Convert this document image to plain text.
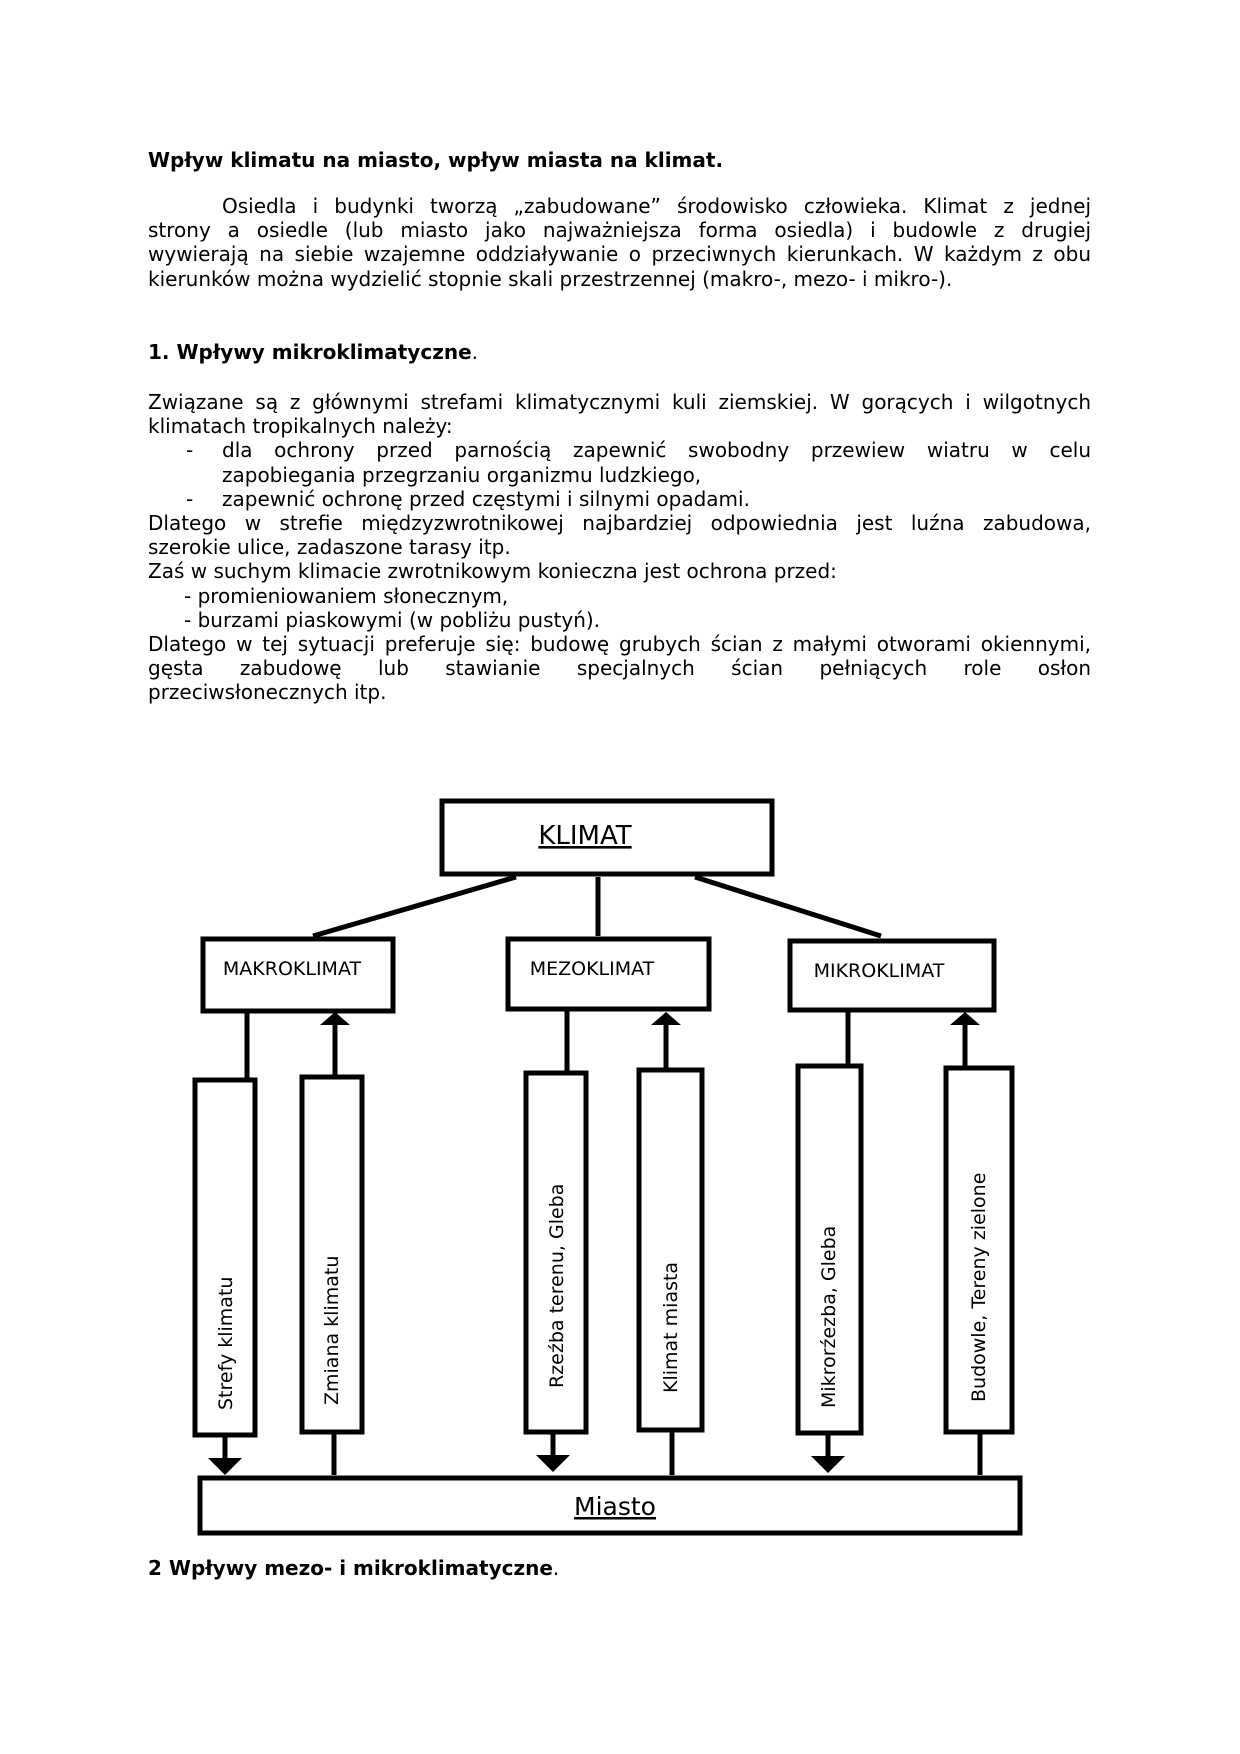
Wpływ klimatu na miasto, wpływ miasta na klimat.
Osiedla i budynki tworzą „zabudowane” środowisko człowieka. Klimat z jednej
strony a osiedle (lub miasto jako najważniejsza forma osiedla) i budowle z drugiej
wywierają na siebie wzajemne oddziaływanie o przeciwnych kierunkach. W każdym z obu
kierunków można wydzielić stopnie skali przestrzennej (makro-, mezo- i mikro-).
1. Wpływy mikroklimatyczne.
Związane są z głównymi strefami klimatycznymi kuli ziemskiej. W gorących i wilgotnych
klimatach tropikalnych należy:
- dla ochrony przed parnością zapewnić swobodny przewiew wiatru w celu
zapobiegania przegrzaniu organizmu ludzkiego,
- zapewnić ochronę przed częstymi i silnymi opadami.
Dlatego w strefie międzyzwrotnikowej najbardziej odpowiednia jest luźna zabudowa,
szerokie ulice, zadaszone tarasy itp.
Zaś w suchym klimacie zwrotnikowym konieczna jest ochrona przed:
- promieniowaniem słonecznym,
- burzami piaskowymi (w pobliżu pustyń).
Dlatego w tej sytuacji preferuje się: budowę grubych ścian z małymi otworami okiennymi,
gęsta zabudowę lub stawianie specjalnych ścian pełniących role osłon
przeciwsłonecznych itp.
KLIMAT
MAKROKLIMAT	MEZOKLIMAT	MIKROKLIMAT
Strefy klimatu	Zmiana klimatu	Rzeźba terenu, Gleba	Klimat miasta	Mikrorźezba, Gleba	Budowle, Tereny zielone
Miasto
2 Wpływy mezo- i mikroklimatyczne.
